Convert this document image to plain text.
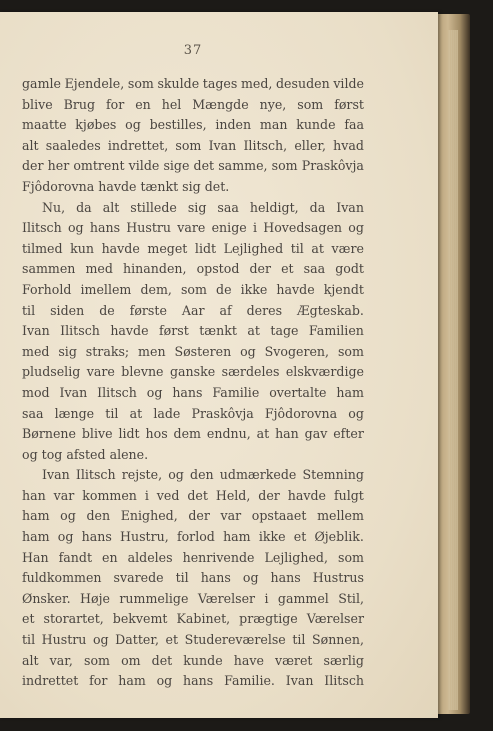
37
gamle Ejendele, som skulde tages med, desuden vilde
blive Brug for en hel Mængde nye, som først
maatte kjøbes og bestilles, inden man kunde faa
alt saaledes indrettet, som Ivan Ilitsch, eller, hvad
der her omtrent vilde sige det samme, som Praskôvja
Fjôdorovna havde tænkt sig det.
Nu, da alt stillede sig saa heldigt, da Ivan
Ilitsch og hans Hustru vare enige i Hovedsagen og
tilmed kun havde meget lidt Lejlighed til at være
sammen med hinanden, opstod der et saa godt
Forhold imellem dem, som de ikke havde kjendt
til siden de første Aar af deres Ægteskab.
Ivan Ilitsch havde først tænkt at tage Familien
med sig straks; men Søsteren og Svogeren, som
pludselig vare blevne ganske særdeles elskværdige
mod Ivan Ilitsch og hans Familie overtalte ham
saa længe til at lade Praskôvja Fjôdorovna og
Børnene blive lidt hos dem endnu, at han gav efter
og tog afsted alene.
Ivan Ilitsch rejste, og den udmærkede Stemning
han var kommen i ved det Held, der havde fulgt
ham og den Enighed, der var opstaaet mellem
ham og hans Hustru, forlod ham ikke et Øjeblik.
Han fandt en aldeles henrivende Lejlighed, som
fuldkommen svarede til hans og hans Hustrus
Ønsker. Høje rummelige Værelser i gammel Stil,
et storartet, bekvemt Kabinet, prægtige Værelser
til Hustru og Datter, et Studereværelse til Sønnen,
alt var, som om det kunde have været særlig
indrettet for ham og hans Familie. Ivan Ilitsch
